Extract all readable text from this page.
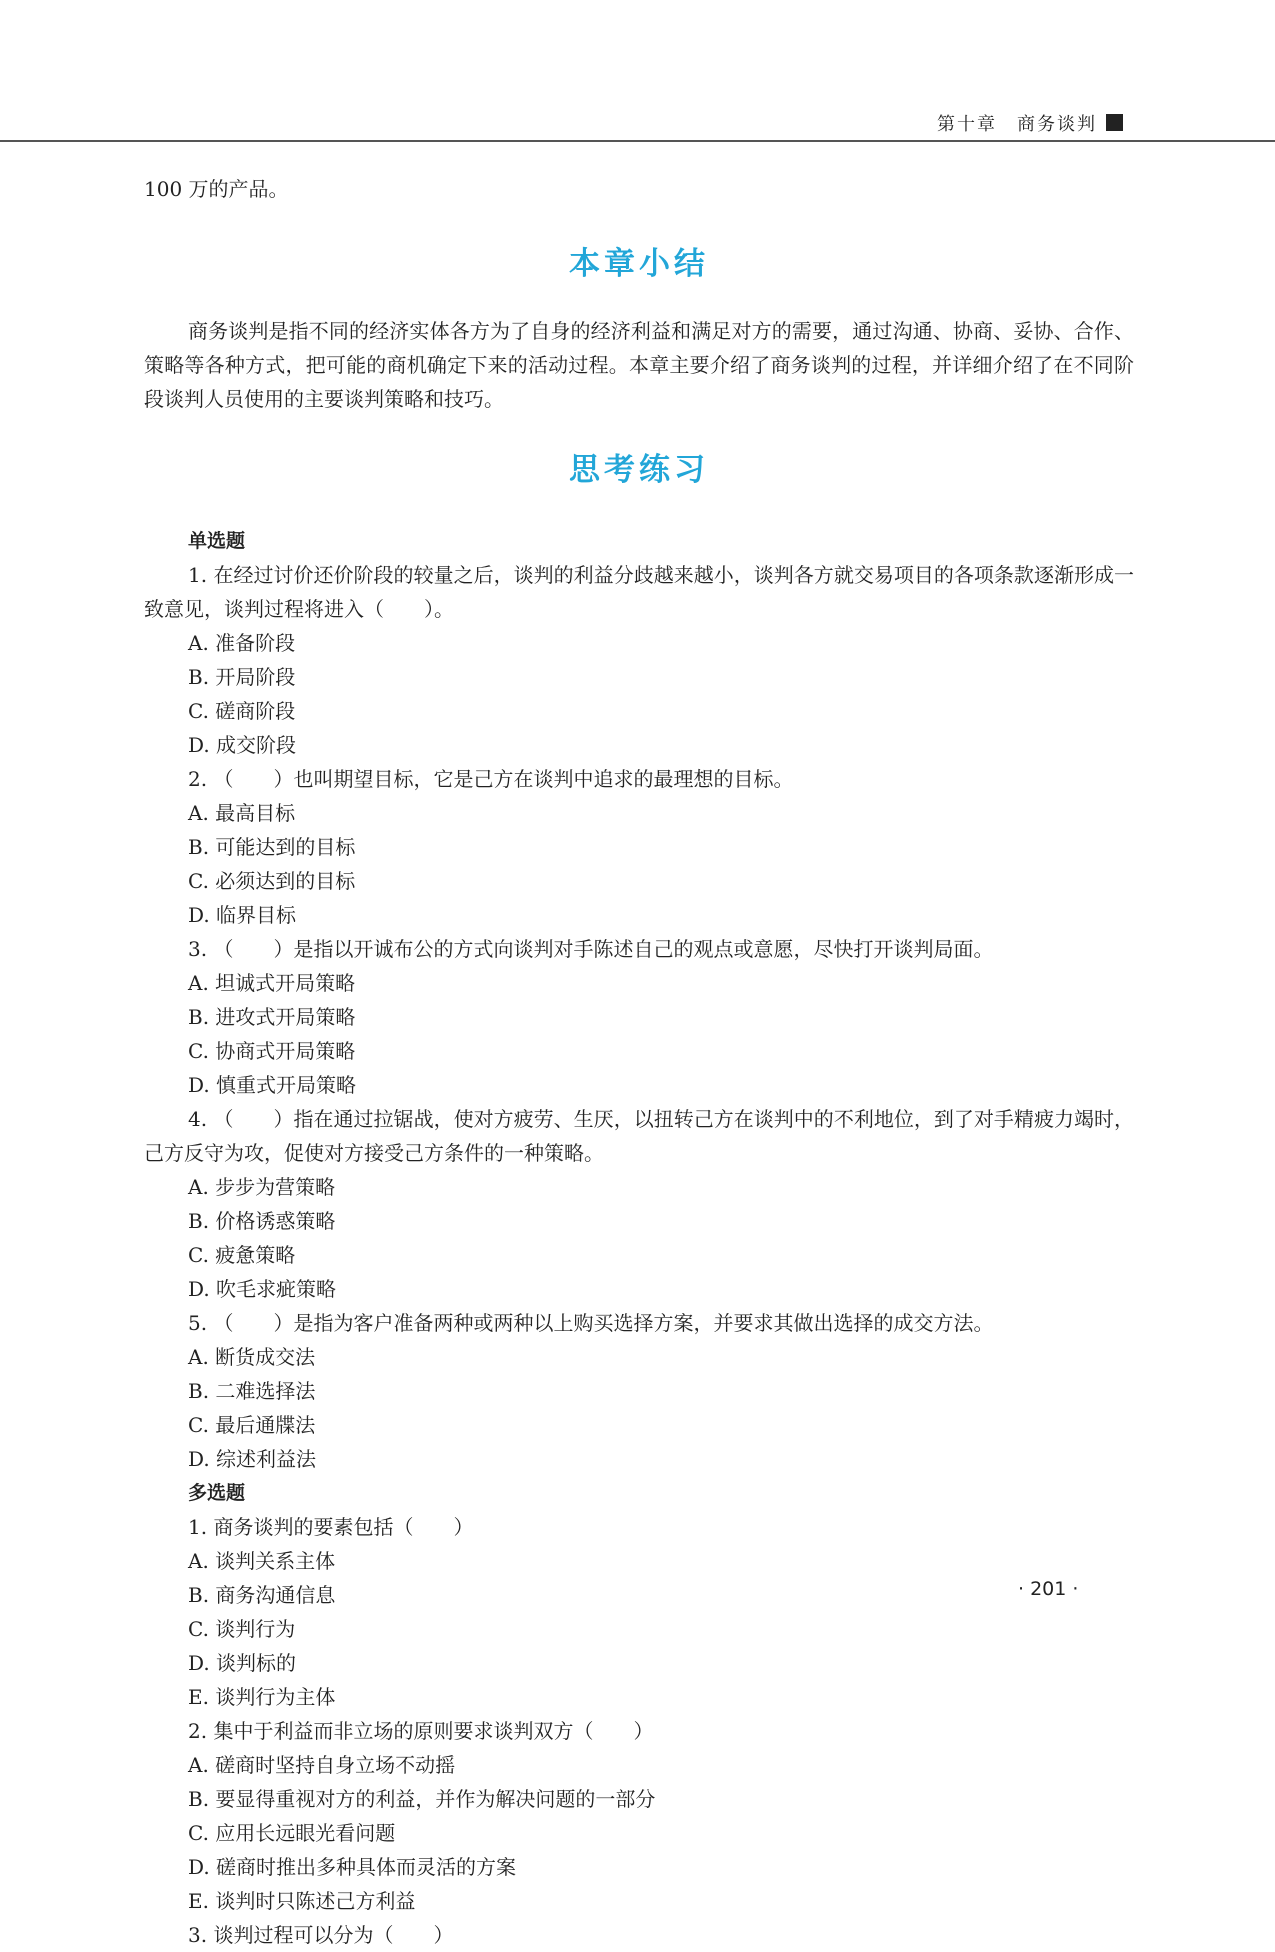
第十章　商务谈判

100 万的产品。

本章小结

商务谈判是指不同的经济实体各方为了自身的经济利益和满足对方的需要，通过沟通、协商、妥协、合作、策略等各种方式，把可能的商机确定下来的活动过程。本章主要介绍了商务谈判的过程，并详细介绍了在不同阶段谈判人员使用的主要谈判策略和技巧。

思考练习

单选题

1. 在经过讨价还价阶段的较量之后，谈判的利益分歧越来越小，谈判各方就交易项目的各项条款逐渐形成一致意见，谈判过程将进入（　　）。

A. 准备阶段

B. 开局阶段

C. 磋商阶段

D. 成交阶段

2. （　　）也叫期望目标，它是己方在谈判中追求的最理想的目标。

A. 最高目标

B. 可能达到的目标

C. 必须达到的目标

D. 临界目标

3. （　　）是指以开诚布公的方式向谈判对手陈述自己的观点或意愿，尽快打开谈判局面。

A. 坦诚式开局策略

B. 进攻式开局策略

C. 协商式开局策略

D. 慎重式开局策略

4. （　　）指在通过拉锯战，使对方疲劳、生厌，以扭转己方在谈判中的不利地位，到了对手精疲力竭时，己方反守为攻，促使对方接受己方条件的一种策略。

A. 步步为营策略

B. 价格诱惑策略

C. 疲惫策略

D. 吹毛求疵策略

5. （　　）是指为客户准备两种或两种以上购买选择方案，并要求其做出选择的成交方法。

A. 断货成交法

B. 二难选择法

C. 最后通牒法

D. 综述利益法

多选题

1. 商务谈判的要素包括（　　）

A. 谈判关系主体

B. 商务沟通信息

C. 谈判行为

D. 谈判标的

E. 谈判行为主体

2. 集中于利益而非立场的原则要求谈判双方（　　）

A. 磋商时坚持自身立场不动摇

B. 要显得重视对方的利益，并作为解决问题的一部分

C. 应用长远眼光看问题

D. 磋商时推出多种具体而灵活的方案

E. 谈判时只陈述己方利益

3. 谈判过程可以分为（　　）

· 201 ·
